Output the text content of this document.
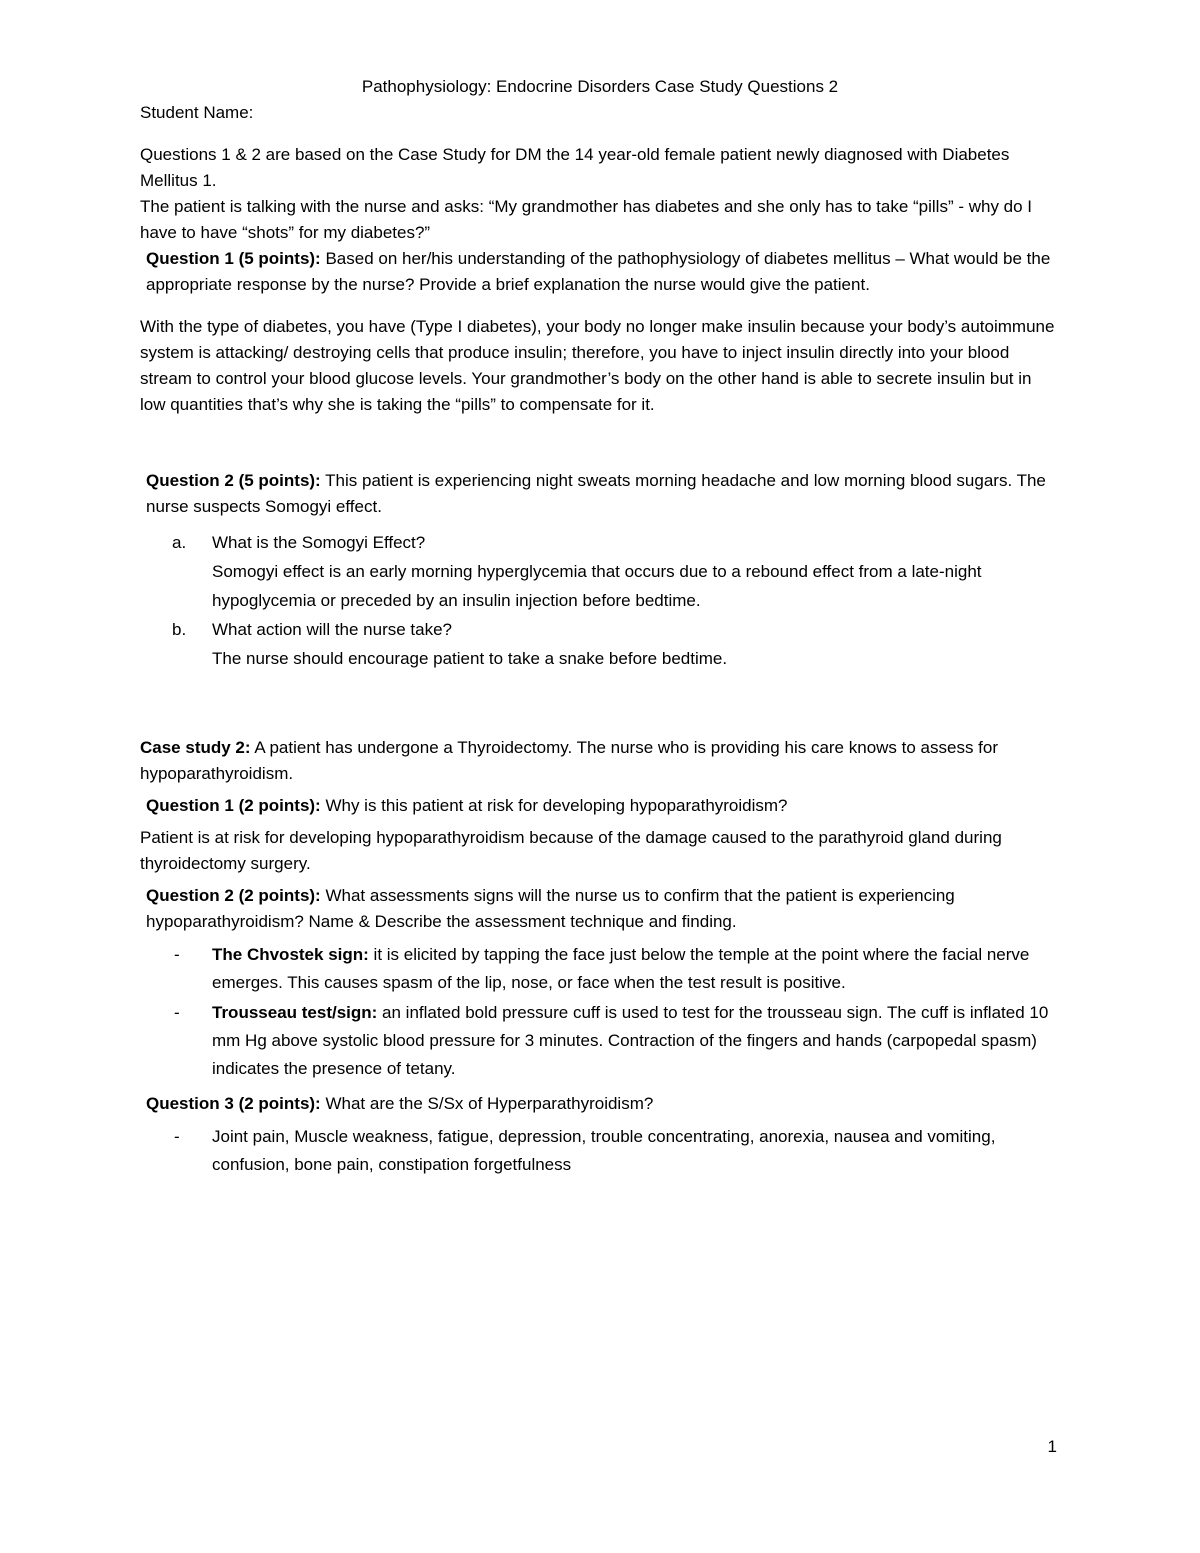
Pathophysiology: Endocrine Disorders Case Study Questions 2

Student Name:

Questions 1 & 2 are based on the Case Study for DM the 14 year-old female patient newly diagnosed with Diabetes Mellitus 1.

The patient is talking with the nurse and asks: “My grandmother has diabetes and she only has to take “pills” - why do I have to have “shots” for my diabetes?”

Question 1 (5 points): Based on her/his understanding of the pathophysiology of diabetes mellitus – What would be the appropriate response by the nurse? Provide a brief explanation the nurse would give the patient.

With the type of diabetes, you have (Type I diabetes), your body no longer make insulin because your body’s autoimmune system is attacking/ destroying cells that produce insulin; therefore, you have to inject insulin directly into your blood stream to control your blood glucose levels. Your grandmother’s body on the other hand is able to secrete insulin but in low quantities that’s why she is taking the “pills” to compensate for it.

Question 2 (5 points): This patient is experiencing night sweats morning headache and low morning blood sugars. The nurse suspects Somogyi effect.

a.	What is the Somogyi Effect?
Somogyi effect is an early morning hyperglycemia that occurs due to a rebound effect from a late-night hypoglycemia or preceded by an insulin injection before bedtime.
b.	What action will the nurse take?
The nurse should encourage patient to take a snake before bedtime.

Case study 2: A patient has undergone a Thyroidectomy. The nurse who is providing his care knows to assess for hypoparathyroidism.

Question 1 (2 points): Why is this patient at risk for developing hypoparathyroidism?

Patient is at risk for developing hypoparathyroidism because of the damage caused to the parathyroid gland during thyroidectomy surgery.

Question 2 (2 points): What assessments signs will the nurse us to confirm that the patient is experiencing hypoparathyroidism? Name & Describe the assessment technique and finding.

-	The Chvostek sign: it is elicited by tapping the face just below the temple at the point where the facial nerve emerges. This causes spasm of the lip, nose, or face when the test result is positive.
-	Trousseau test/sign: an inflated bold pressure cuff is used to test for the trousseau sign. The cuff is inflated 10 mm Hg above systolic blood pressure for 3 minutes. Contraction of the fingers and hands (carpopedal spasm) indicates the presence of tetany.

Question 3 (2 points): What are the S/Sx of Hyperparathyroidism?

-	Joint pain, Muscle weakness, fatigue, depression, trouble concentrating, anorexia, nausea and vomiting, confusion, bone pain, constipation forgetfulness
1
